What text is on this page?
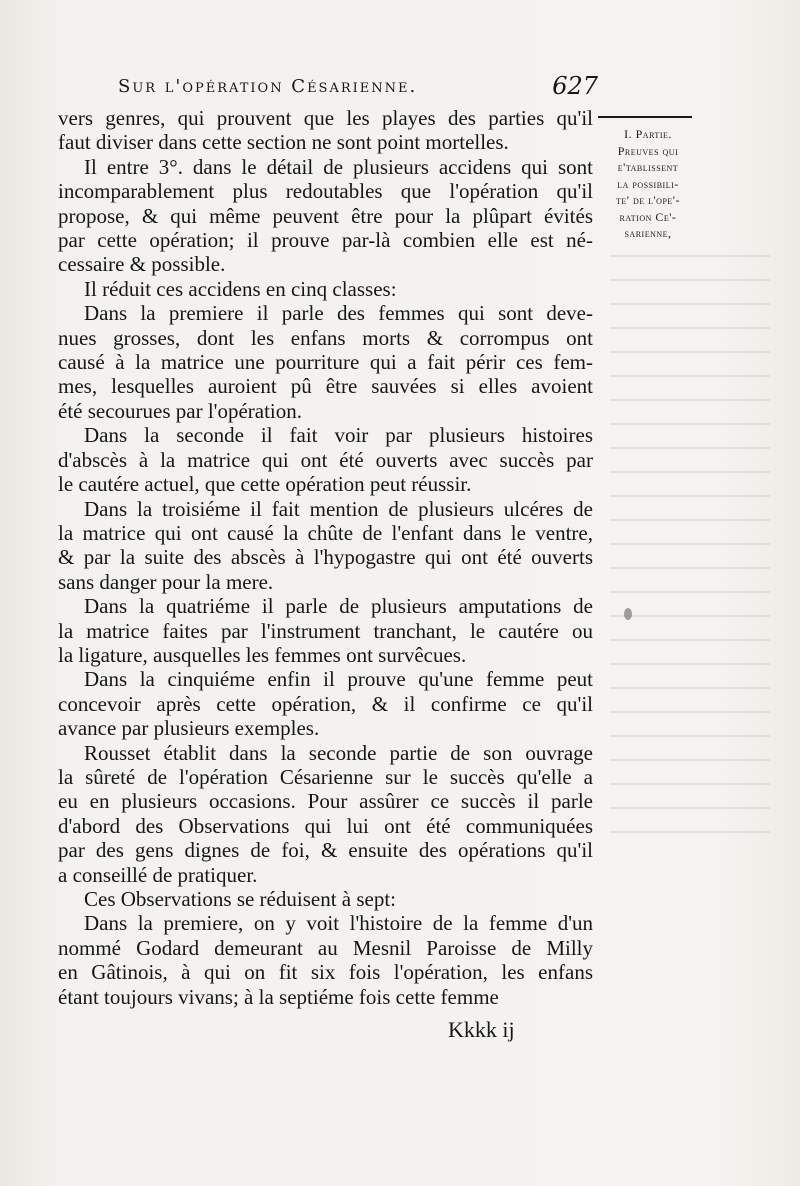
Sur l'opération Césarienne.	627
I. Partie.
Preuves qui
e'tablissent
la possibili-
te' de l'ope'-
ration Ce'-
sarienne,

vers genres, qui prouvent que les playes des parties qu'il

faut diviser dans cette section ne sont point mortelles.

Il entre 3°. dans le détail de plusieurs accidens qui sont

incomparablement plus redoutables que l'opération qu'il

propose, & qui même peuvent être pour la plûpart évités

par cette opération; il prouve par-là combien elle est né-

cessaire & possible.

Il réduit ces accidens en cinq classes:

Dans la premiere il parle des femmes qui sont deve-

nues grosses, dont les enfans morts & corrompus ont

causé à la matrice une pourriture qui a fait périr ces fem-

mes, lesquelles auroient pû être sauvées si elles avoient

été secourues par l'opération.

Dans la seconde il fait voir par plusieurs histoires

d'abscès à la matrice qui ont été ouverts avec succès par

le cautére actuel, que cette opération peut réussir.

Dans la troisiéme il fait mention de plusieurs ulcéres de

la matrice qui ont causé la chûte de l'enfant dans le ventre,

& par la suite des abscès à l'hypogastre qui ont été ouverts

sans danger pour la mere.

Dans la quatriéme il parle de plusieurs amputations de

la matrice faites par l'instrument tranchant, le cautére ou

la ligature, ausquelles les femmes ont survêcues.

Dans la cinquiéme enfin il prouve qu'une femme peut

concevoir après cette opération, & il confirme ce qu'il

avance par plusieurs exemples.

Rousset établit dans la seconde partie de son ouvrage

la sûreté de l'opération Césarienne sur le succès qu'elle a

eu en plusieurs occasions. Pour assûrer ce succès il parle

d'abord des Observations qui lui ont été communiquées

par des gens dignes de foi, & ensuite des opérations qu'il

a conseillé de pratiquer.

Ces Observations se réduisent à sept:

Dans la premiere, on y voit l'histoire de la femme d'un

nommé Godard demeurant au Mesnil Paroisse de Milly

en Gâtinois, à qui on fit six fois l'opération, les enfans

étant toujours vivans; à la septiéme fois cette femme

Kkkk ij
